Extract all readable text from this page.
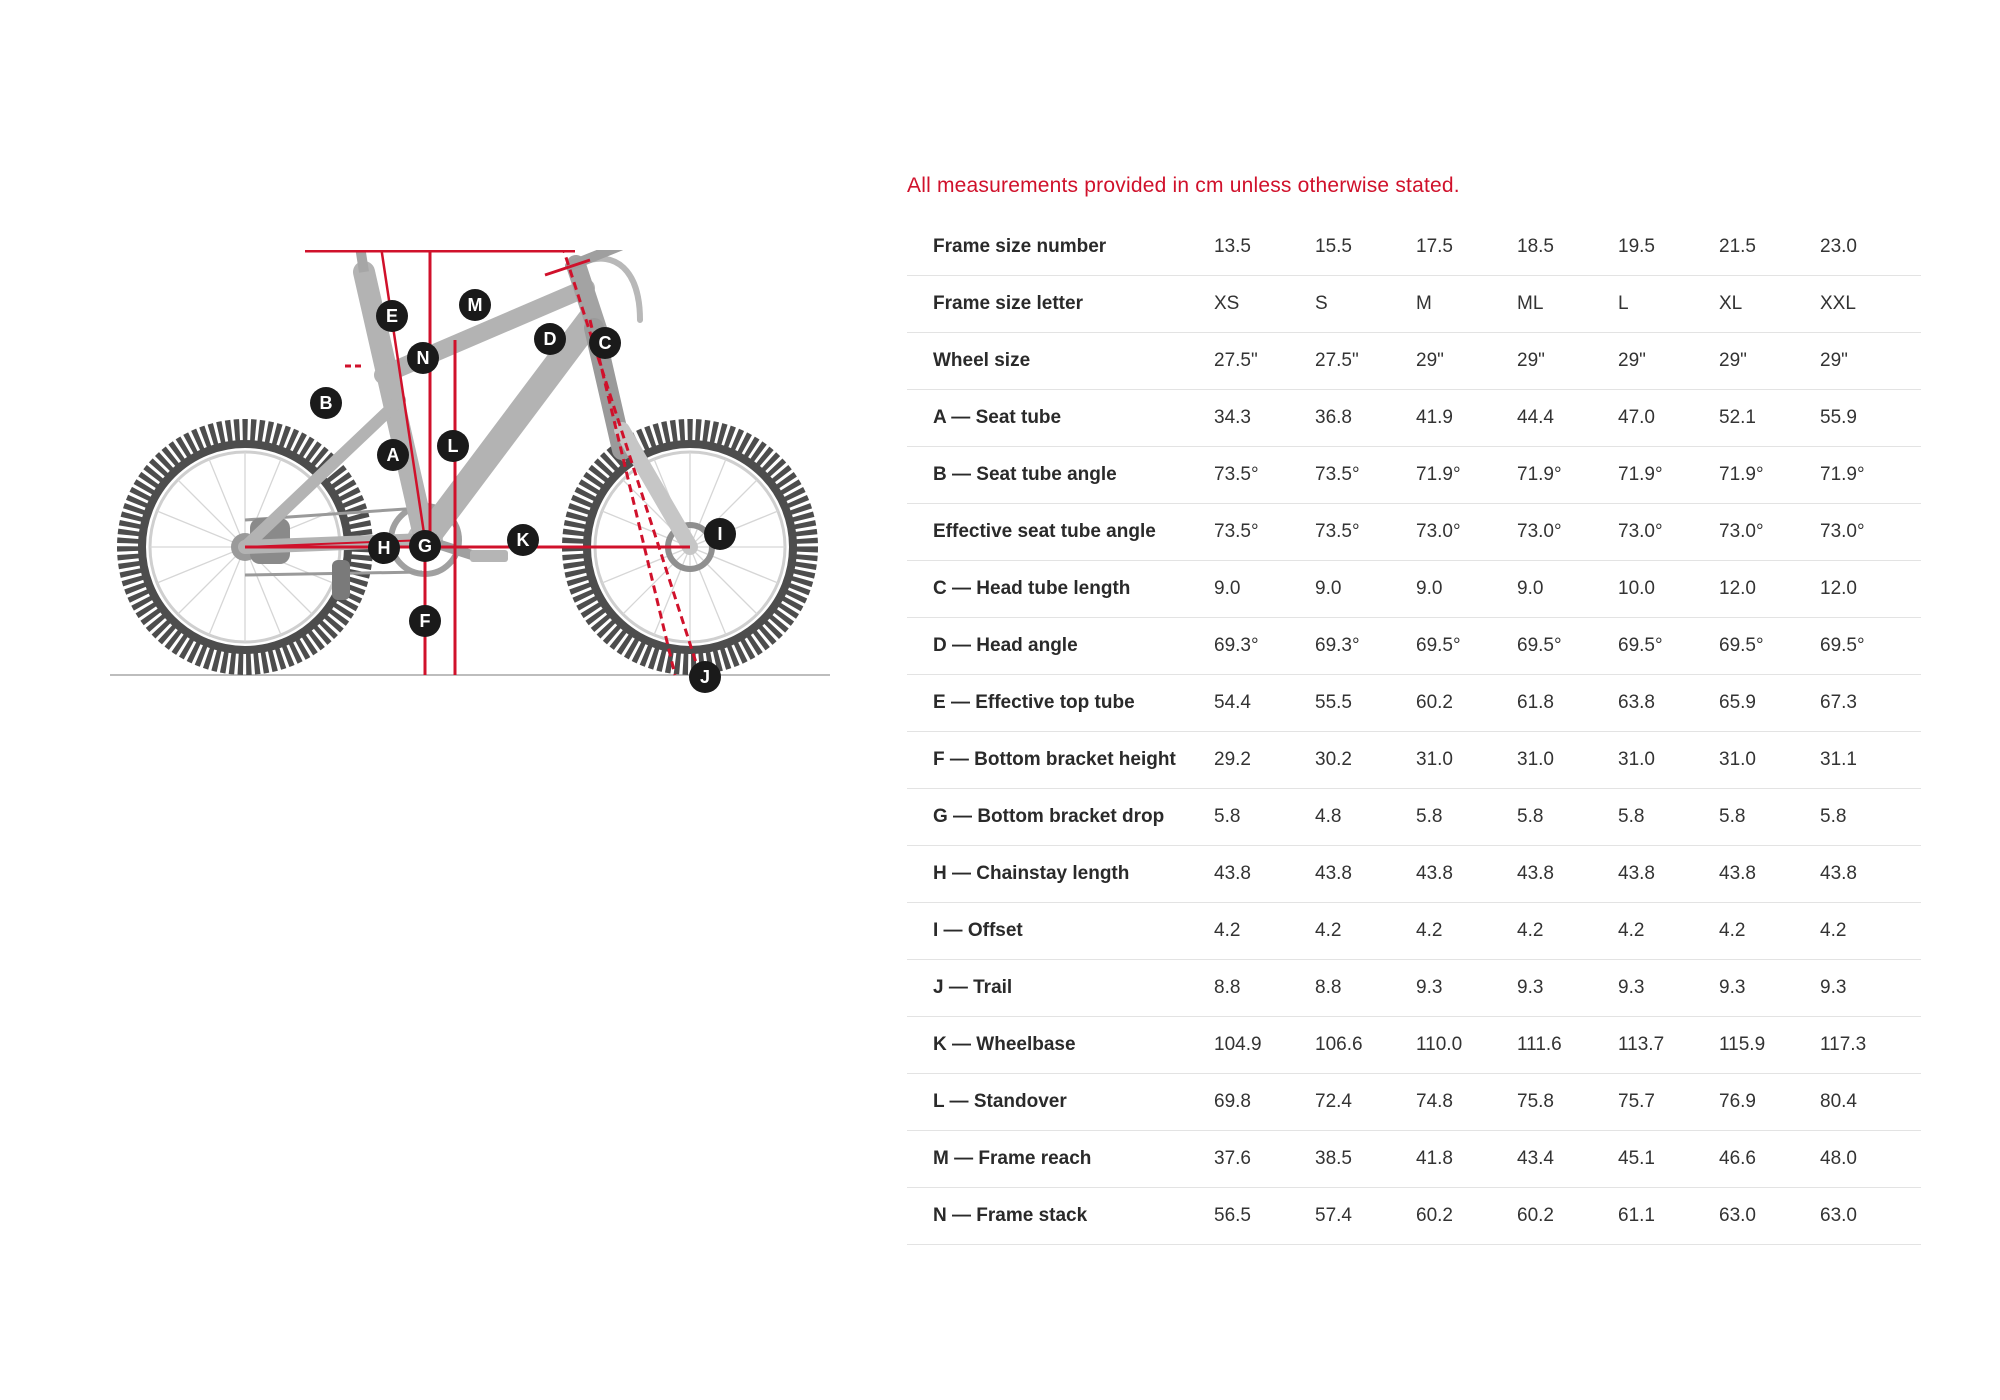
A
B
C
D
E
F
G
H
I
J
K
L
M
N
All measurements provided in cm unless otherwise stated.
Frame size number	13.5	15.5	17.5	18.5	19.5	21.5	23.0
Frame size letter	XS	S	M	ML	L	XL	XXL
Wheel size	27.5"	27.5"	29"	29"	29"	29"	29"
A — Seat tube	34.3	36.8	41.9	44.4	47.0	52.1	55.9
B — Seat tube angle	73.5°	73.5°	71.9°	71.9°	71.9°	71.9°	71.9°
Effective seat tube angle	73.5°	73.5°	73.0°	73.0°	73.0°	73.0°	73.0°
C — Head tube length	9.0	9.0	9.0	9.0	10.0	12.0	12.0
D — Head angle	69.3°	69.3°	69.5°	69.5°	69.5°	69.5°	69.5°
E — Effective top tube	54.4	55.5	60.2	61.8	63.8	65.9	67.3
F — Bottom bracket height	29.2	30.2	31.0	31.0	31.0	31.0	31.1
G — Bottom bracket drop	5.8	4.8	5.8	5.8	5.8	5.8	5.8
H — Chainstay length	43.8	43.8	43.8	43.8	43.8	43.8	43.8
I — Offset	4.2	4.2	4.2	4.2	4.2	4.2	4.2
J — Trail	8.8	8.8	9.3	9.3	9.3	9.3	9.3
K — Wheelbase	104.9	106.6	110.0	111.6	113.7	115.9	117.3
L — Standover	69.8	72.4	74.8	75.8	75.7	76.9	80.4
M — Frame reach	37.6	38.5	41.8	43.4	45.1	46.6	48.0
N — Frame stack	56.5	57.4	60.2	60.2	61.1	63.0	63.0
